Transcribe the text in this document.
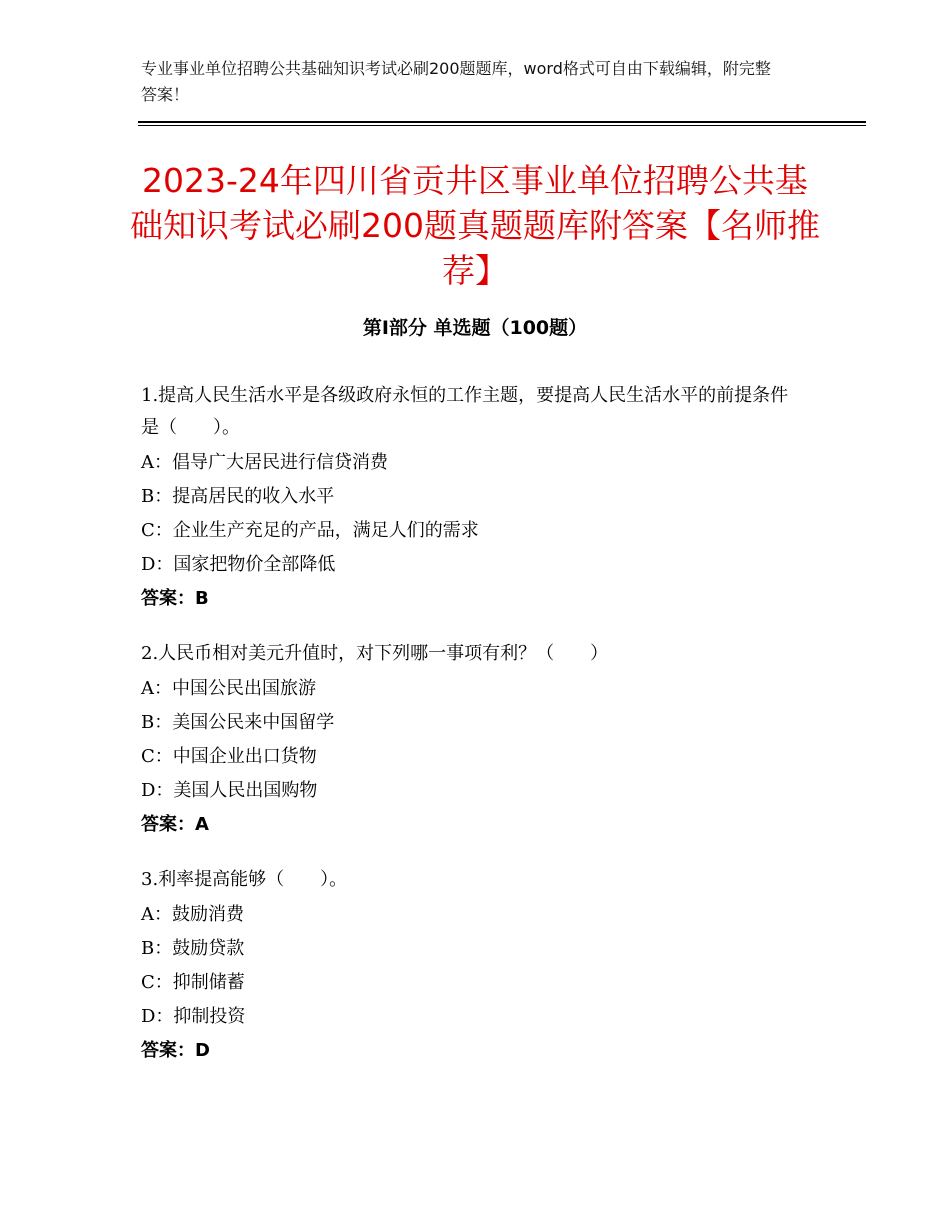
专业事业单位招聘公共基础知识考试必刷200题题库，word格式可自由下载编辑，附完整答案！
2023-24年四川省贡井区事业单位招聘公共基础知识考试必刷200题真题题库附答案【名师推荐】
第Ⅰ部分 单选题（100题）
1.提高人民生活水平是各级政府永恒的工作主题，要提高人民生活水平的前提条件是（　　）。
A：倡导广大居民进行信贷消费
B：提高居民的收入水平
C：企业生产充足的产品，满足人们的需求
D：国家把物价全部降低
答案：B
2.人民币相对美元升值时，对下列哪一事项有利？（　　）
A：中国公民出国旅游
B：美国公民来中国留学
C：中国企业出口货物
D：美国人民出国购物
答案：A
3.利率提高能够（　　）。
A：鼓励消费
B：鼓励贷款
C：抑制储蓄
D：抑制投资
答案：D
